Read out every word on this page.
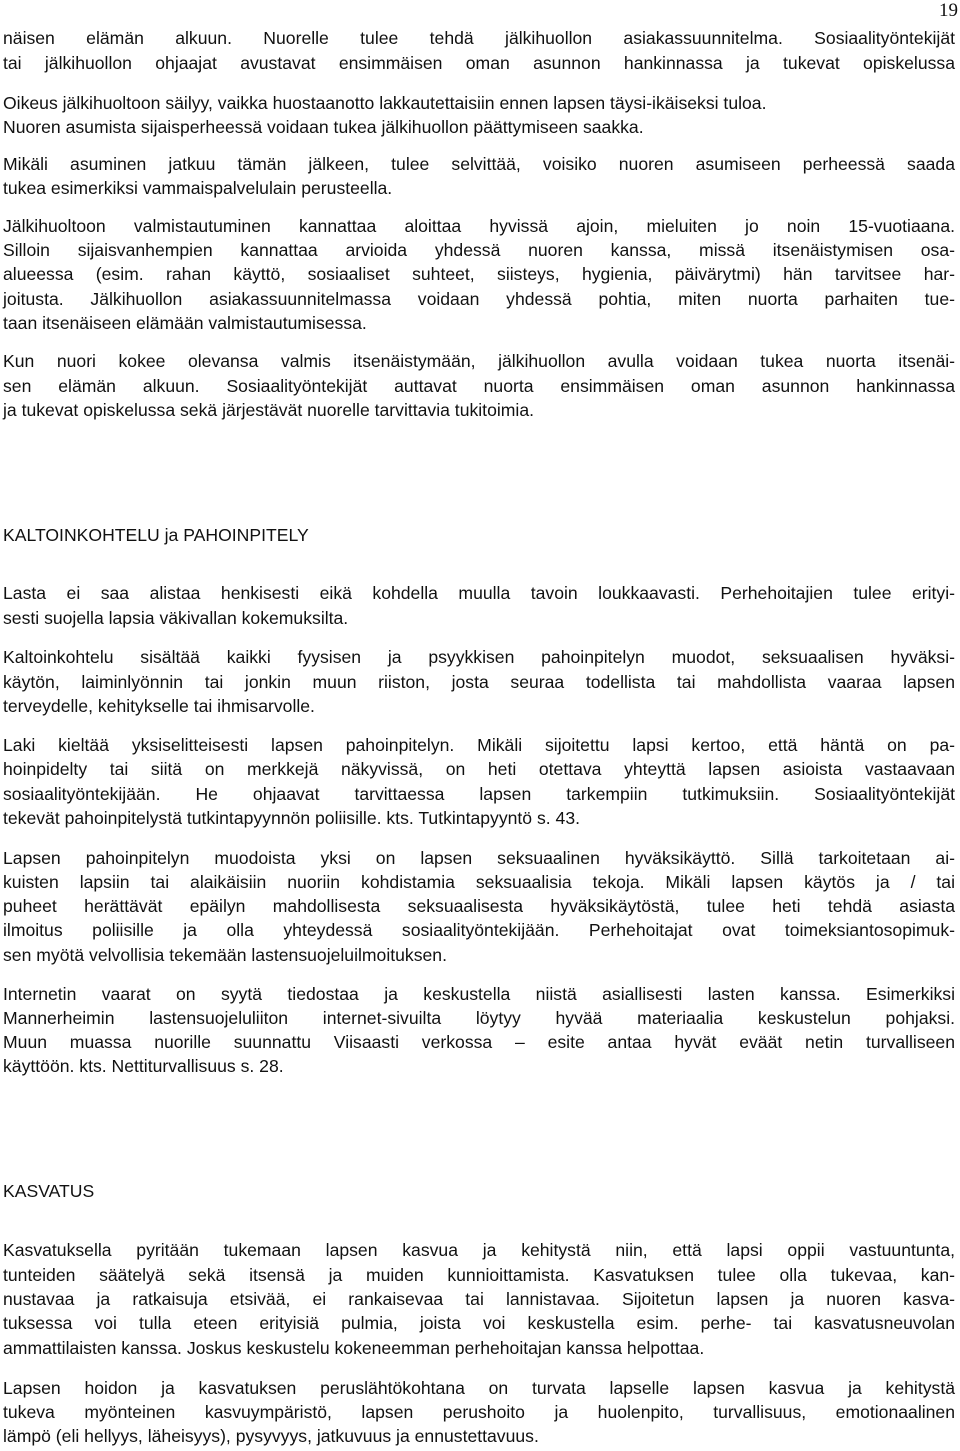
19
näisen elämän alkuun. Nuorelle tulee tehdä jälkihuollon asiakassuunnitelma. Sosiaalityöntekijät
tai jälkihuollon ohjaajat avustavat ensimmäisen oman asunnon hankinnassa ja tukevat opiskelussa
Oikeus jälkihuoltoon säilyy, vaikka huostaanotto lakkautettaisiin ennen lapsen täysi-ikäiseksi tuloa.
Nuoren asumista sijaisperheessä voidaan tukea jälkihuollon päättymiseen saakka.
Mikäli asuminen jatkuu tämän jälkeen, tulee selvittää, voisiko nuoren asumiseen perheessä saada
tukea esimerkiksi vammaispalvelulain perusteella.
Jälkihuoltoon valmistautuminen kannattaa aloittaa hyvissä ajoin, mieluiten jo noin 15-vuotiaana.
Silloin sijaisvanhempien kannattaa arvioida yhdessä nuoren kanssa, missä itsenäistymisen osa-
alueessa (esim. rahan käyttö, sosiaaliset suhteet, siisteys, hygienia, päivärytmi) hän tarvitsee har-
joitusta. Jälkihuollon asiakassuunnitelmassa voidaan yhdessä pohtia, miten nuorta parhaiten tue-
taan itsenäiseen elämään valmistautumisessa.
Kun nuori kokee olevansa valmis itsenäistymään, jälkihuollon avulla voidaan tukea nuorta itsenäi-
sen elämän alkuun. Sosiaalityöntekijät auttavat nuorta ensimmäisen oman asunnon hankinnassa
ja tukevat opiskelussa sekä järjestävät nuorelle tarvittavia tukitoimia.
KALTOINKOHTELU ja PAHOINPITELY
Lasta ei saa alistaa henkisesti eikä kohdella muulla tavoin loukkaavasti. Perhehoitajien tulee erityi-
sesti suojella lapsia väkivallan kokemuksilta.
Kaltoinkohtelu sisältää kaikki fyysisen ja psyykkisen pahoinpitelyn muodot, seksuaalisen hyväksi-
käytön, laiminlyönnin tai jonkin muun riiston, josta seuraa todellista tai mahdollista vaaraa lapsen
terveydelle, kehitykselle tai ihmisarvolle.
Laki kieltää yksiselitteisesti lapsen pahoinpitelyn. Mikäli sijoitettu lapsi kertoo, että häntä on pa-
hoinpidelty tai siitä on merkkejä näkyvissä, on heti otettava yhteyttä lapsen asioista vastaavaan
sosiaalityöntekijään. He ohjaavat tarvittaessa lapsen tarkempiin tutkimuksiin. Sosiaalityöntekijät
tekevät pahoinpitelystä tutkintapyynnön poliisille. kts. Tutkintapyyntö s. 43.
Lapsen pahoinpitelyn muodoista yksi on lapsen seksuaalinen hyväksikäyttö. Sillä tarkoitetaan ai-
kuisten lapsiin tai alaikäisiin nuoriin kohdistamia seksuaalisia tekoja. Mikäli lapsen käytös ja / tai
puheet herättävät epäilyn mahdollisesta seksuaalisesta hyväksikäytöstä, tulee heti tehdä asiasta
ilmoitus poliisille ja olla yhteydessä sosiaalityöntekijään. Perhehoitajat ovat toimeksiantosopimuk-
sen myötä velvollisia tekemään lastensuojeluilmoituksen.
Internetin vaarat on syytä tiedostaa ja keskustella niistä asiallisesti lasten kanssa. Esimerkiksi
Mannerheimin lastensuojeluliiton internet-sivuilta löytyy hyvää materiaalia keskustelun pohjaksi.
Muun muassa nuorille suunnattu Viisaasti verkossa – esite antaa hyvät eväät netin turvalliseen
käyttöön. kts. Nettiturvallisuus s. 28.
KASVATUS
Kasvatuksella pyritään tukemaan lapsen kasvua ja kehitystä niin, että lapsi oppii vastuuntunta,
tunteiden säätelyä sekä itsensä ja muiden kunnioittamista. Kasvatuksen tulee olla tukevaa, kan-
nustavaa ja ratkaisuja etsivää, ei rankaisevaa tai lannistavaa. Sijoitetun lapsen ja nuoren kasva-
tuksessa voi tulla eteen erityisiä pulmia, joista voi keskustella esim. perhe- tai kasvatusneuvolan
ammattilaisten kanssa. Joskus keskustelu kokeneemman perhehoitajan kanssa helpottaa.
Lapsen hoidon ja kasvatuksen peruslähtökohtana on turvata lapselle lapsen kasvua ja kehitystä
tukeva myönteinen kasvuympäristö, lapsen perushoito ja huolenpito, turvallisuus, emotionaalinen
lämpö (eli hellyys, läheisyys), pysyvyys, jatkuvuus ja ennustettavuus.
